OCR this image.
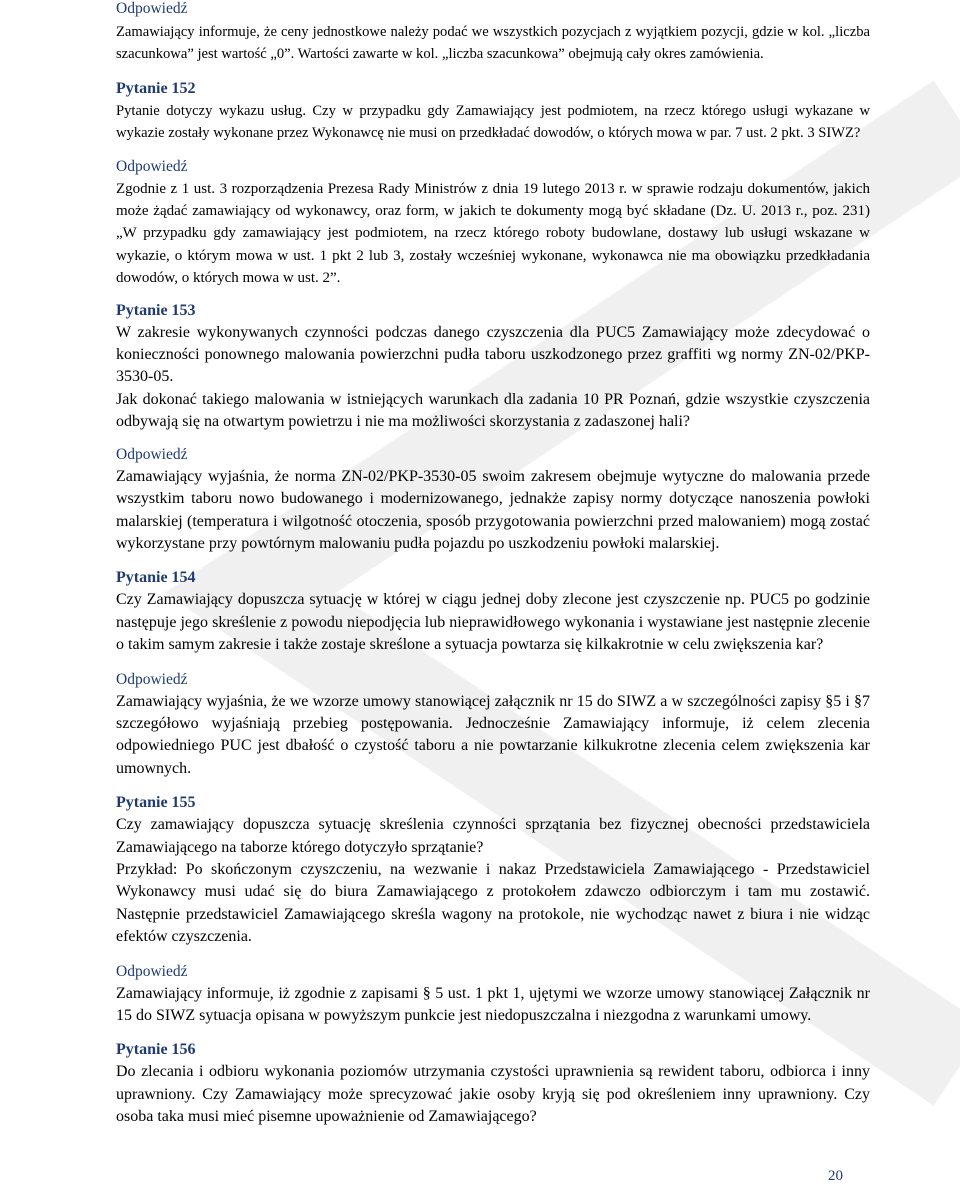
Odpowiedź

Zamawiający informuje, że ceny jednostkowe należy podać we wszystkich pozycjach z wyjątkiem pozycji, gdzie w kol. „liczba szacunkowa” jest wartość „0”. Wartości zawarte w kol. „liczba szacunkowa” obejmują cały okres zamówienia.

Pytanie 152

Pytanie dotyczy wykazu usług. Czy w przypadku gdy Zamawiający jest podmiotem, na rzecz którego usługi wykazane w wykazie zostały wykonane przez Wykonawcę nie musi on przedkładać dowodów, o których mowa w par. 7 ust. 2 pkt. 3 SIWZ?

Odpowiedź

Zgodnie z 1 ust. 3 rozporządzenia Prezesa Rady Ministrów z dnia 19 lutego 2013 r. w sprawie rodzaju dokumentów, jakich może żądać zamawiający od wykonawcy, oraz form, w jakich te dokumenty mogą być składane (Dz. U. 2013 r., poz. 231) „W przypadku gdy zamawiający jest podmiotem, na rzecz którego roboty budowlane, dostawy lub usługi wskazane w wykazie, o którym mowa w ust. 1 pkt 2 lub 3, zostały wcześniej wykonane, wykonawca nie ma obowiązku przedkładania dowodów, o których mowa w ust. 2”.

Pytanie 153

W zakresie wykonywanych czynności podczas danego czyszczenia dla PUC5 Zamawiający może zdecydować o konieczności ponownego malowania powierzchni pudła taboru uszkodzonego przez graffiti wg normy ZN-02/PKP-3530-05.

Jak dokonać takiego malowania w istniejących warunkach dla zadania 10 PR Poznań, gdzie wszystkie czyszczenia odbywają się na otwartym powietrzu i nie ma możliwości skorzystania z zadaszonej hali?

Odpowiedź

Zamawiający wyjaśnia, że norma ZN-02/PKP-3530-05 swoim zakresem obejmuje wytyczne do malowania przede wszystkim taboru nowo budowanego i modernizowanego, jednakże zapisy normy dotyczące nanoszenia powłoki malarskiej (temperatura i wilgotność otoczenia, sposób przygotowania powierzchni przed malowaniem) mogą zostać wykorzystane przy powtórnym malowaniu pudła pojazdu po uszkodzeniu powłoki malarskiej.

Pytanie 154

Czy Zamawiający dopuszcza sytuację w której w ciągu jednej doby zlecone jest czyszczenie np. PUC5 po godzinie następuje jego skreślenie z powodu niepodjęcia lub nieprawidłowego wykonania i wystawiane jest następnie zlecenie o takim samym zakresie i także zostaje skreślone a sytuacja powtarza się kilkakrotnie w celu zwiększenia kar?

Odpowiedź

Zamawiający wyjaśnia, że we wzorze umowy stanowiącej załącznik nr 15 do SIWZ a w szczególności zapisy §5 i §7 szczegółowo wyjaśniają przebieg postępowania. Jednocześnie Zamawiający informuje, iż celem zlecenia odpowiedniego PUC jest dbałość o czystość taboru a nie powtarzanie kilkukrotne zlecenia celem zwiększenia kar umownych.

Pytanie 155

Czy zamawiający dopuszcza sytuację skreślenia czynności sprzątania bez fizycznej obecności przedstawiciela Zamawiającego na taborze którego dotyczyło sprzątanie?

Przykład: Po skończonym czyszczeniu, na wezwanie i nakaz Przedstawiciela Zamawiającego - Przedstawiciel Wykonawcy musi udać się do biura Zamawiającego z protokołem zdawczo odbiorczym i tam mu zostawić. Następnie przedstawiciel Zamawiającego skreśla wagony na protokole, nie wychodząc nawet z biura i nie widząc efektów czyszczenia.

Odpowiedź

Zamawiający informuje, iż zgodnie z zapisami § 5 ust. 1 pkt 1, ujętymi we wzorze umowy stanowiącej Załącznik nr 15 do SIWZ sytuacja opisana w powyższym punkcie jest niedopuszczalna i niezgodna z warunkami umowy.

Pytanie 156

Do zlecania i odbioru wykonania poziomów utrzymania czystości uprawnienia są rewident taboru, odbiorca i inny uprawniony. Czy Zamawiający może sprecyzować jakie osoby kryją się pod określeniem inny uprawniony. Czy osoba taka musi mieć pisemne upoważnienie od Zamawiającego?

20
